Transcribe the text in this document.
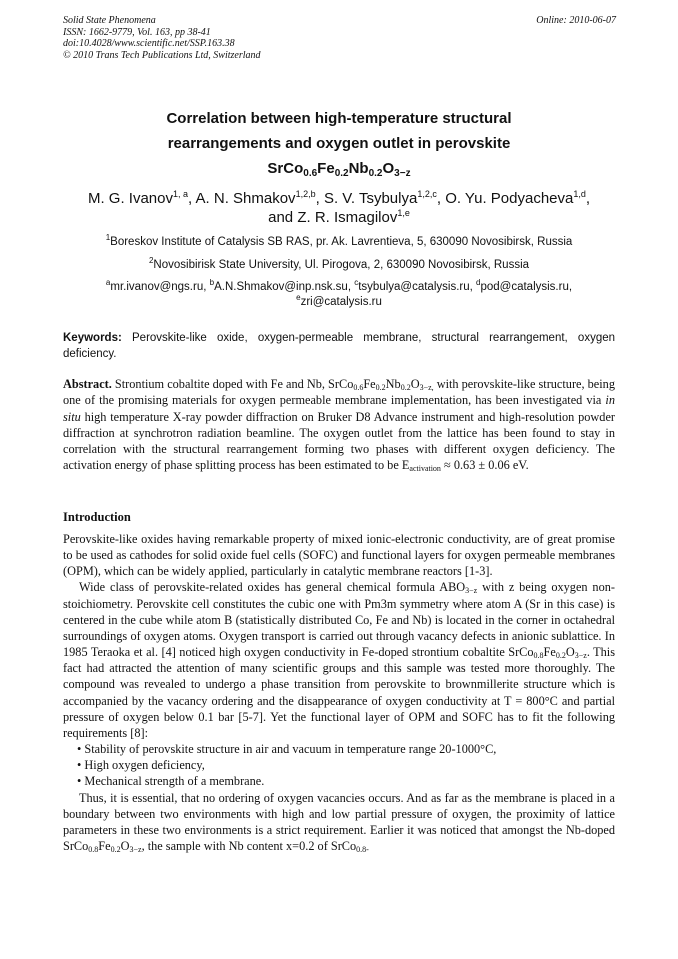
Solid State Phenomena
ISSN: 1662-9779, Vol. 163, pp 38-41
doi:10.4028/www.scientific.net/SSP.163.38
© 2010 Trans Tech Publications Ltd, Switzerland
Online: 2010-06-07
Correlation between high-temperature structural
rearrangements and oxygen outlet in perovskite
$SrCo_{0.6}Fe_{0.2}Nb_{0.2}O_{3-z}$
M. G. Ivanov$^{1, a}$, A. N. Shmakov$^{1,2,b}$, S. V. Tsybulya$^{1,2,c}$, O. Yu. Podyacheva$^{1,d}$,
and Z. R. Ismagilov$^{1,e}$
$^1$Boreskov Institute of Catalysis SB RAS, pr. Ak. Lavrentieva, 5, 630090 Novosibirsk, Russia
$^2$Novosibirisk State University, Ul. Pirogova, 2, 630090 Novosibirsk, Russia
$^a$mr.ivanov@ngs.ru, $^b$A.N.Shmakov@inp.nsk.su, $^c$tsybulya@catalysis.ru, $^d$pod@catalysis.ru,
$^e$zri@catalysis.ru
Keywords: Perovskite-like oxide, oxygen-permeable membrane, structural rearrangement, oxygen deficiency.
Abstract. Strontium cobaltite doped with Fe and Nb, $SrCo_{0.6}Fe_{0.2}Nb_{0.2}O_{3-z,}$ with perovskite-like structure, being one of the promising materials for oxygen permeable membrane implementation, has been investigated via in situ high temperature X-ray powder diffraction on Bruker D8 Advance instrument and high-resolution powder diffraction at synchrotron radiation beamline. The oxygen outlet from the lattice has been found to stay in correlation with the structural rearrangement forming two phases with different oxygen deficiency. The activation energy of phase splitting process has been estimated to be $E_{activation} \approx 0.63 \pm 0.06$ eV.
Introduction

Perovskite-like oxides having remarkable property of mixed ionic-electronic conductivity, are of great promise to be used as cathodes for solid oxide fuel cells (SOFC) and functional layers for oxygen permeable membranes (OPM), which can be widely applied, particularly in catalytic membrane reactors [1-3].

Wide class of perovskite-related oxides has general chemical formula $ABO_{3-z}$ with z being oxygen non-stoichiometry. Perovskite cell constitutes the cubic one with Pm3m symmetry where atom A (Sr in this case) is centered in the cube while atom B (statistically distributed Co, Fe and Nb) is located in the corner in octahedral surroundings of oxygen atoms. Oxygen transport is carried out through vacancy defects in anionic sublattice. In 1985 Teraoka et al. [4] noticed high oxygen conductivity in Fe-doped strontium cobaltite $SrCo_{0.8}Fe_{0.2}O_{3-z}$. This fact had attracted the attention of many scientific groups and this sample was tested more thoroughly. The compound was revealed to undergo a phase transition from perovskite to brownmillerite structure which is accompanied by the vacancy ordering and the disappearance of oxygen conductivity at T = 800°C and partial pressure of oxygen below 0.1 bar [5-7]. Yet the functional layer of OPM and SOFC has to fit the following requirements [8]:

• Stability of perovskite structure in air and vacuum in temperature range 20-1000°C,

• High oxygen deficiency,

• Mechanical strength of a membrane.

Thus, it is essential, that no ordering of oxygen vacancies occurs. And as far as the membrane is placed in a boundary between two environments with high and low partial pressure of oxygen, the proximity of lattice parameters in these two environments is a strict requirement. Earlier it was noticed that amongst the Nb-doped $SrCo_{0.8}Fe_{0.2}O_{3-z}$, the sample with Nb content x=0.2 of SrCo$_{0.8-}$
